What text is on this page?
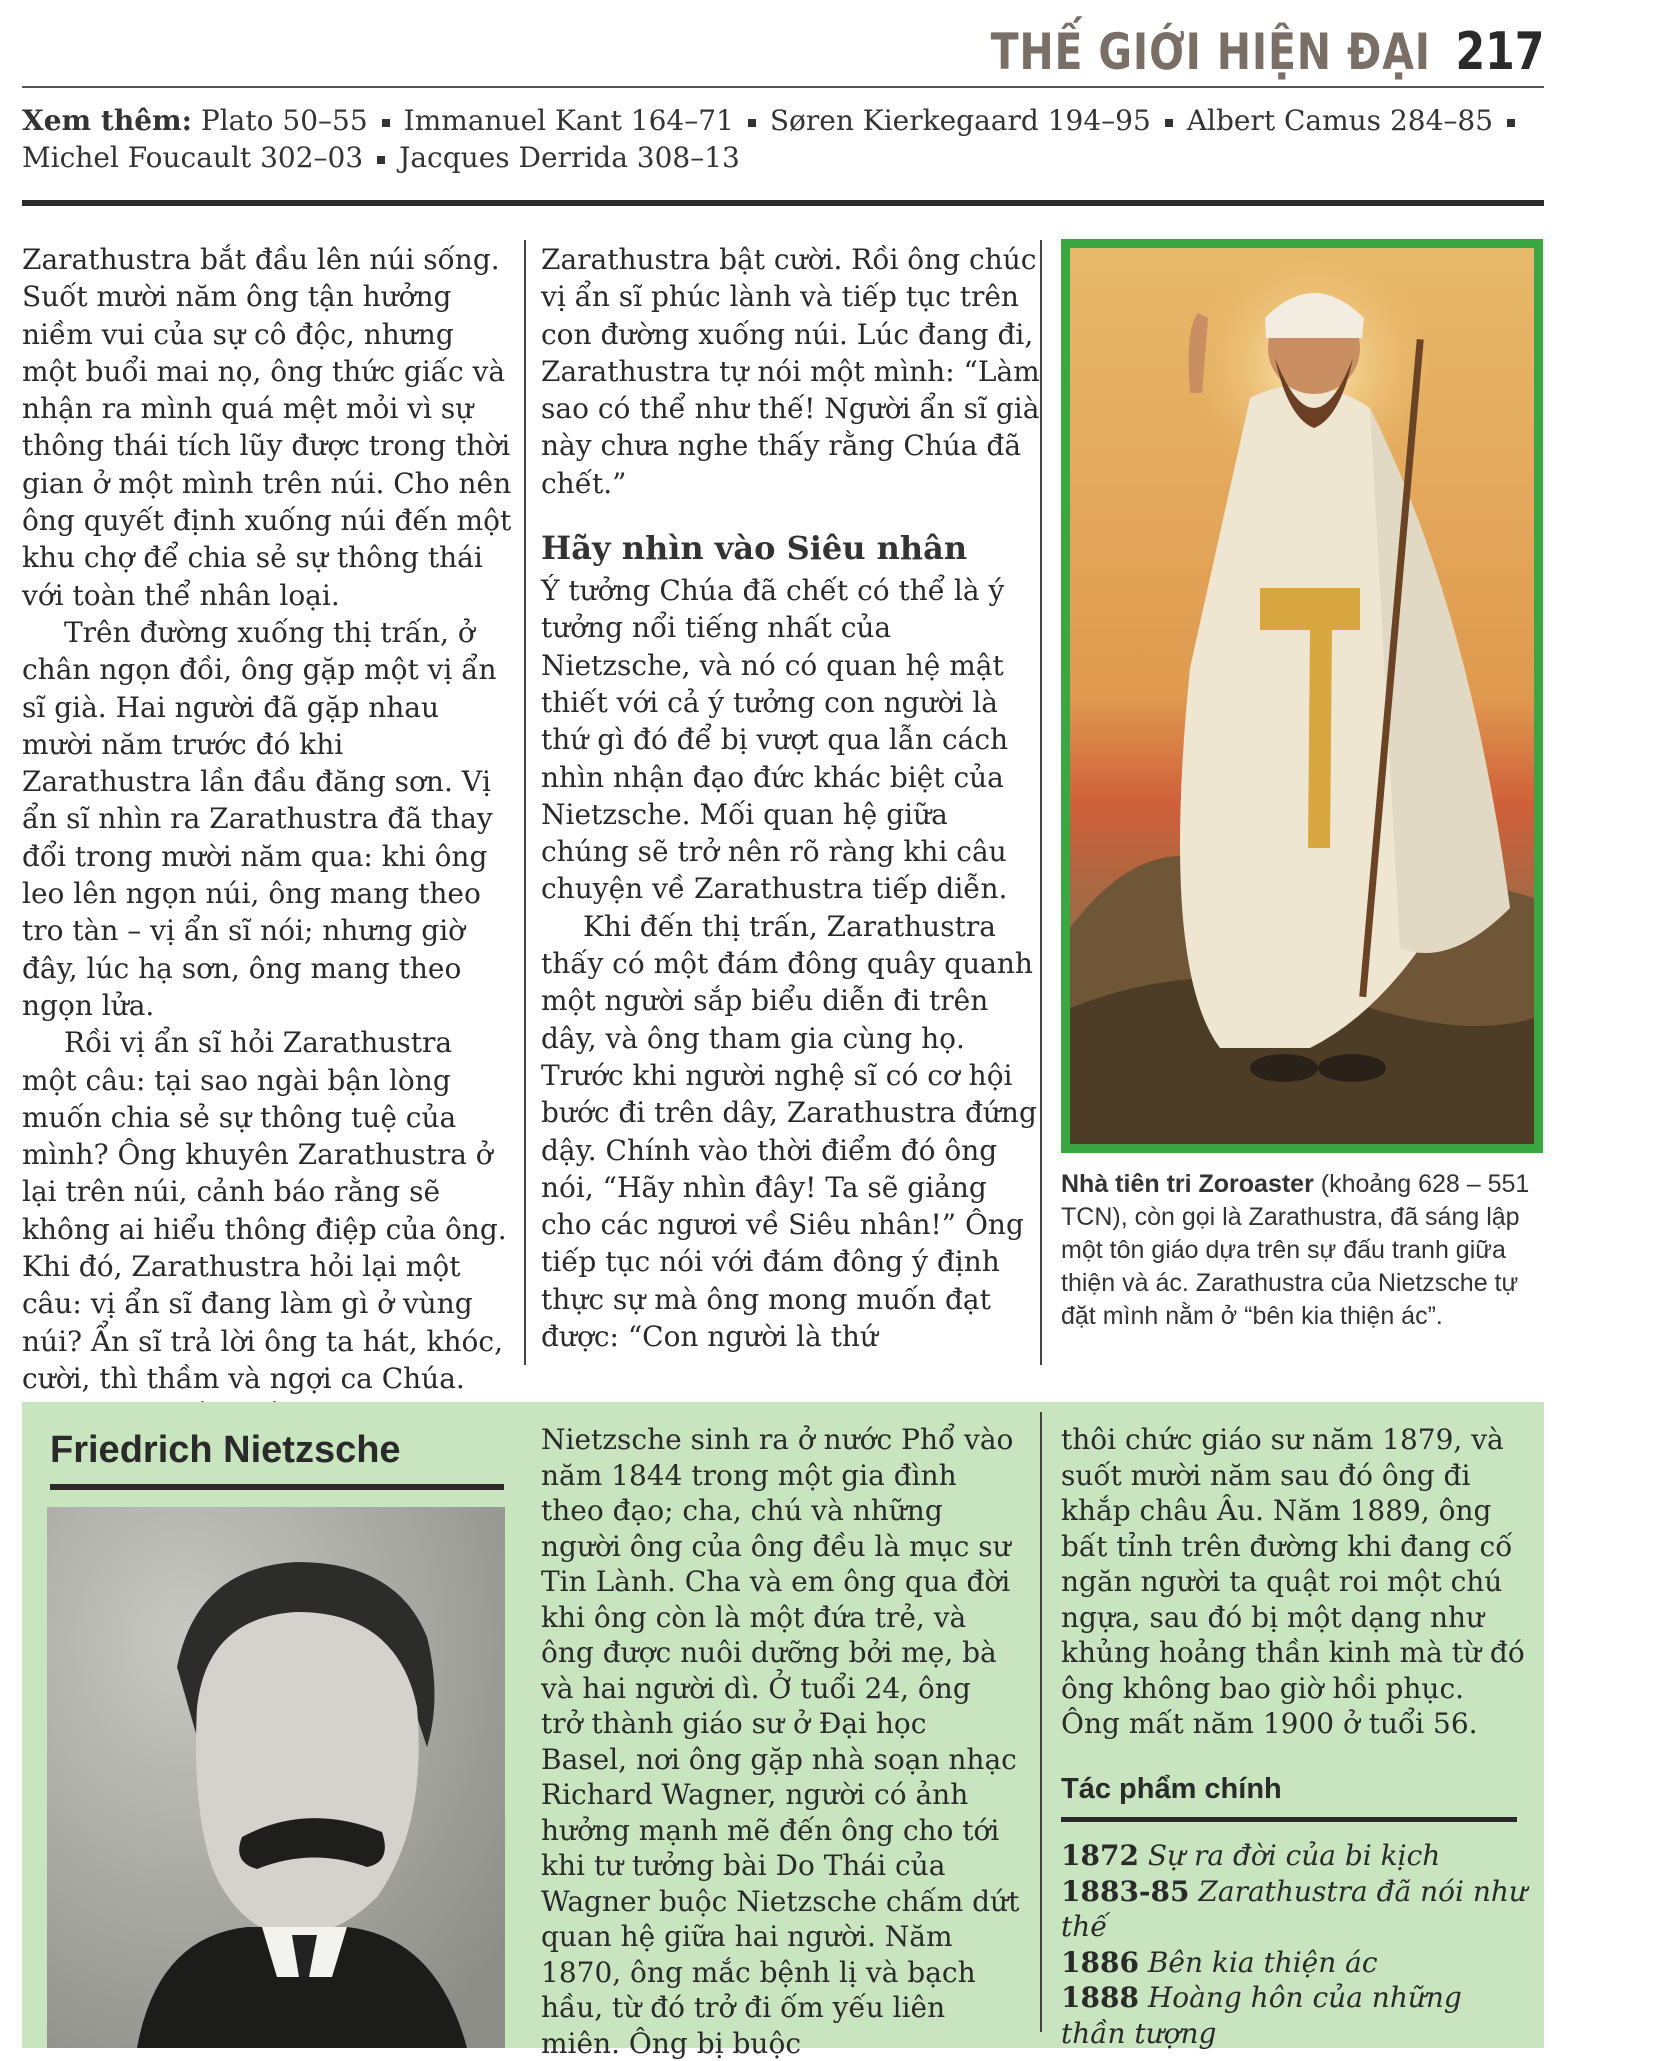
THẾ GIỚI HIỆN ĐẠI 217
Xem thêm: Plato 50–55 Immanuel Kant 164–71 Søren Kierkegaard 194–95 Albert Camus 284–85
Michel Foucault 302–03 Jacques Derrida 308–13

Zarathustra bắt đầu lên núi sống. Suốt mười năm ông tận hưởng niềm vui của sự cô độc, nhưng một buổi mai nọ, ông thức giấc và nhận ra mình quá mệt mỏi vì sự thông thái tích lũy được trong thời gian ở một mình trên núi. Cho nên ông quyết định xuống núi đến một khu chợ để chia sẻ sự thông thái với toàn thể nhân loại.

Trên đường xuống thị trấn, ở chân ngọn đồi, ông gặp một vị ẩn sĩ già. Hai người đã gặp nhau mười năm trước đó khi Zarathustra lần đầu đăng sơn. Vị ẩn sĩ nhìn ra Zarathustra đã thay đổi trong mười năm qua: khi ông leo lên ngọn núi, ông mang theo tro tàn – vị ẩn sĩ nói; nhưng giờ đây, lúc hạ sơn, ông mang theo ngọn lửa.

Rồi vị ẩn sĩ hỏi Zarathustra một câu: tại sao ngài bận lòng muốn chia sẻ sự thông tuệ của mình? Ông khuyên Zarathustra ở lại trên núi, cảnh báo rằng sẽ không ai hiểu thông điệp của ông. Khi đó, Zarathustra hỏi lại một câu: vị ẩn sĩ đang làm gì ở vùng núi? Ẩn sĩ trả lời ông ta hát, khóc, cười, thì thầm và ngợi ca Chúa.

Zarathustra bật cười. Rồi ông chúc vị ẩn sĩ phúc lành và tiếp tục trên con đường xuống núi. Lúc đang đi, Zarathustra tự nói một mình: “Làm sao có thể như thế! Người ẩn sĩ già này chưa nghe thấy rằng Chúa đã chết.”

Hãy nhìn vào Siêu nhân

Ý tưởng Chúa đã chết có thể là ý tưởng nổi tiếng nhất của Nietzsche, và nó có quan hệ mật thiết với cả ý tưởng con người là thứ gì đó để bị vượt qua lẫn cách nhìn nhận đạo đức khác biệt của Nietzsche. Mối quan hệ giữa chúng sẽ trở nên rõ ràng khi câu chuyện về Zarathustra tiếp diễn.

Khi đến thị trấn, Zarathustra thấy có một đám đông quây quanh một người sắp biểu diễn đi trên dây, và ông tham gia cùng họ. Trước khi người nghệ sĩ có cơ hội bước đi trên dây, Zarathustra đứng dậy. Chính vào thời điểm đó ông nói, “Hãy nhìn đây! Ta sẽ giảng cho các ngươi về Siêu nhân!” Ông tiếp tục nói với đám đông ý định thực sự mà ông mong muốn đạt được: “Con người là thứ

Nhà tiên tri Zoroaster (khoảng 628 – 551 TCN), còn gọi là Zarathustra, đã sáng lập một tôn giáo dựa trên sự đấu tranh giữa thiện và ác. Zarathustra của Nietzsche tự đặt mình nằm ở “bên kia thiện ác”.
Friedrich Nietzsche	Nietzsche sinh ra ở nước Phổ vào năm 1844 trong một gia đình theo đạo; cha, chú và những người ông của ông đều là mục sư Tin Lành. Cha và em ông qua đời khi ông còn là một đứa trẻ, và ông được nuôi dưỡng bởi mẹ, bà và hai người dì. Ở tuổi 24, ông trở thành giáo sư ở Đại học Basel, nơi ông gặp nhà soạn nhạc Richard Wagner, người có ảnh hưởng mạnh mẽ đến ông cho tới khi tư tưởng bài Do Thái của Wagner buộc Nietzsche chấm dứt quan hệ giữa hai người. Năm 1870, ông mắc bệnh lị và bạch hầu, từ đó trở đi ốm yếu liên miên. Ông bị buộc

thôi chức giáo sư năm 1879, và suốt mười năm sau đó ông đi khắp châu Âu. Năm 1889, ông bất tỉnh trên đường khi đang cố ngăn người ta quật roi một chú ngựa, sau đó bị một dạng như khủng hoảng thần kinh mà từ đó ông không bao giờ hồi phục. Ông mất năm 1900 ở tuổi 56.

Tác phẩm chính
1872 Sự ra đời của bi kịch
1883-85 Zarathustra đã nói như thế
1886 Bên kia thiện ác
1888 Hoàng hôn của những thần tượng
